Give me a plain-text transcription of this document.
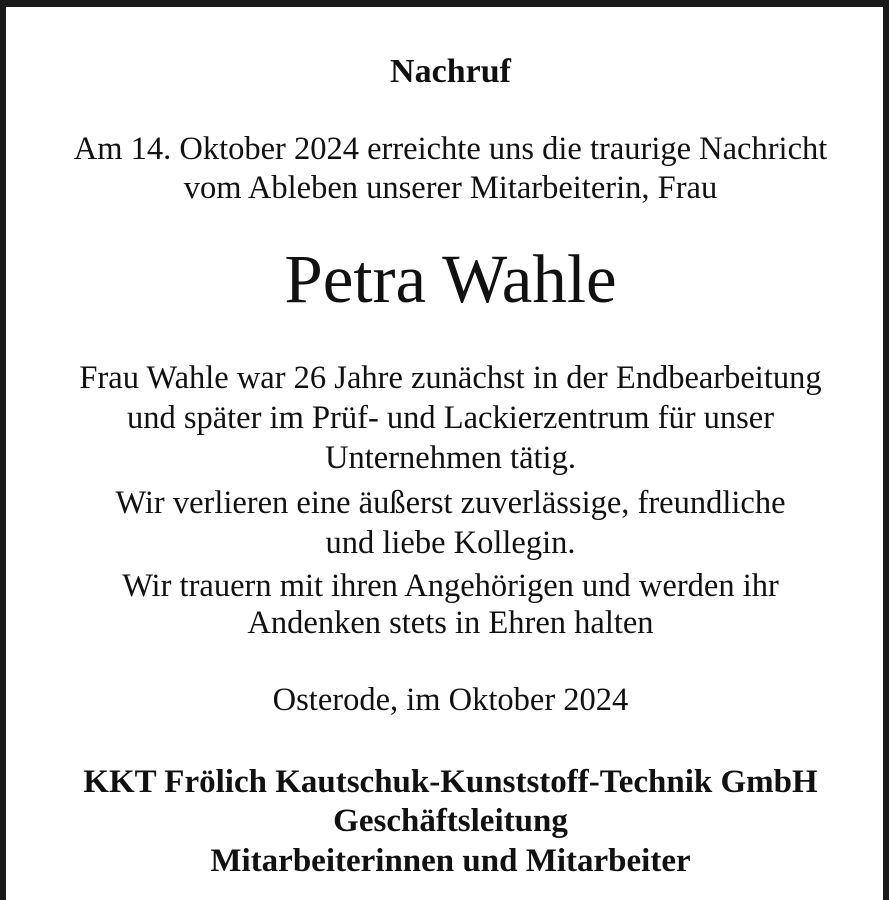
Nachruf

Am 14. Oktober 2024 erreichte uns die traurige Nachricht

vom Ableben unserer Mitarbeiterin, Frau

Petra Wahle

Frau Wahle war 26 Jahre zunächst in der Endbearbeitung

und später im Prüf- und Lackierzentrum für unser

Unternehmen tätig.

Wir verlieren eine äußerst zuverlässige, freundliche

und liebe Kollegin.

Wir trauern mit ihren Angehörigen und werden ihr

Andenken stets in Ehren halten

Osterode, im Oktober 2024

KKT Frölich Kautschuk-Kunststoff-Technik GmbH

Geschäftsleitung

Mitarbeiterinnen und Mitarbeiter
